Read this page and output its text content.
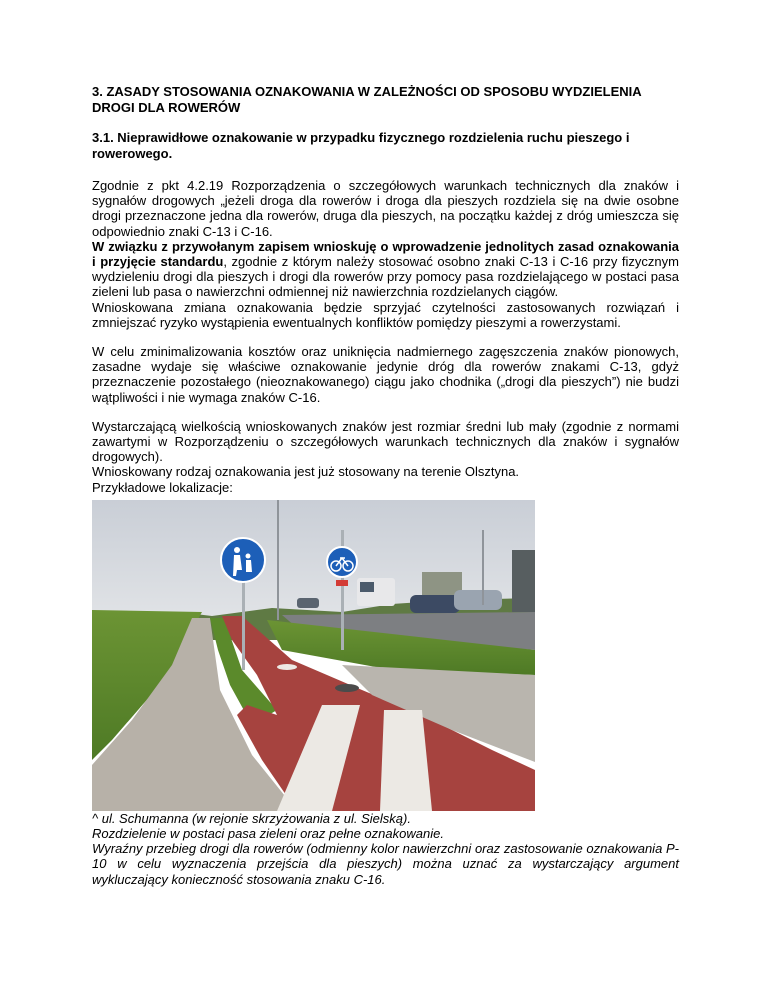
3. ZASADY STOSOWANIA OZNAKOWANIA W ZALEŻNOŚCI OD SPOSOBU WYDZIELENIA DROGI DLA ROWERÓW

3.1. Nieprawidłowe oznakowanie w przypadku fizycznego rozdzielenia ruchu pieszego i rowerowego.

Zgodnie z pkt 4.2.19 Rozporządzenia o szczegółowych warunkach technicznych dla znaków i sygnałów drogowych „jeżeli droga dla rowerów i droga dla pieszych rozdziela się na dwie osobne drogi przeznaczone jedna dla rowerów, druga dla pieszych, na początku każdej z dróg umieszcza się odpowiednio znaki C-13 i C-16.
W związku z przywołanym zapisem wnioskuję o wprowadzenie jednolitych zasad oznakowania i przyjęcie standardu, zgodnie z którym należy stosować osobno znaki C-13 i C-16 przy fizycznym wydzieleniu drogi dla pieszych i drogi dla rowerów przy pomocy pasa rozdzielającego w postaci pasa zieleni lub pasa o nawierzchni odmiennej niż nawierzchnia rozdzielanych ciągów.
Wnioskowana zmiana oznakowania będzie sprzyjać czytelności zastosowanych rozwiązań i zmniejszać ryzyko wystąpienia ewentualnych konfliktów pomiędzy pieszymi a rowerzystami.

W celu zminimalizowania kosztów oraz uniknięcia nadmiernego zagęszczenia znaków pionowych, zasadne wydaje się właściwe oznakowanie jedynie dróg dla rowerów znakami C-13, gdyż przeznaczenie pozostałego (nieoznakowanego) ciągu jako chodnika („drogi dla pieszych”) nie budzi wątpliwości i nie wymaga znaków C-16.

Wystarczającą wielkością wnioskowanych znaków jest rozmiar średni lub mały (zgodnie z normami zawartymi w Rozporządzeniu o szczegółowych warunkach technicznych dla znaków i sygnałów drogowych).
Wnioskowany rodzaj oznakowania jest już stosowany na terenie Olsztyna.
Przykładowe lokalizacje:

^ ul. Schumanna (w rejonie skrzyżowania z ul. Sielską).

Rozdzielenie w postaci pasa zieleni oraz pełne oznakowanie.

Wyraźny przebieg drogi dla rowerów (odmienny kolor nawierzchni oraz zastosowanie oznakowania P-10 w celu wyznaczenia przejścia dla pieszych) można uznać za wystarczający argument wykluczający konieczność stosowania znaku C-16.
